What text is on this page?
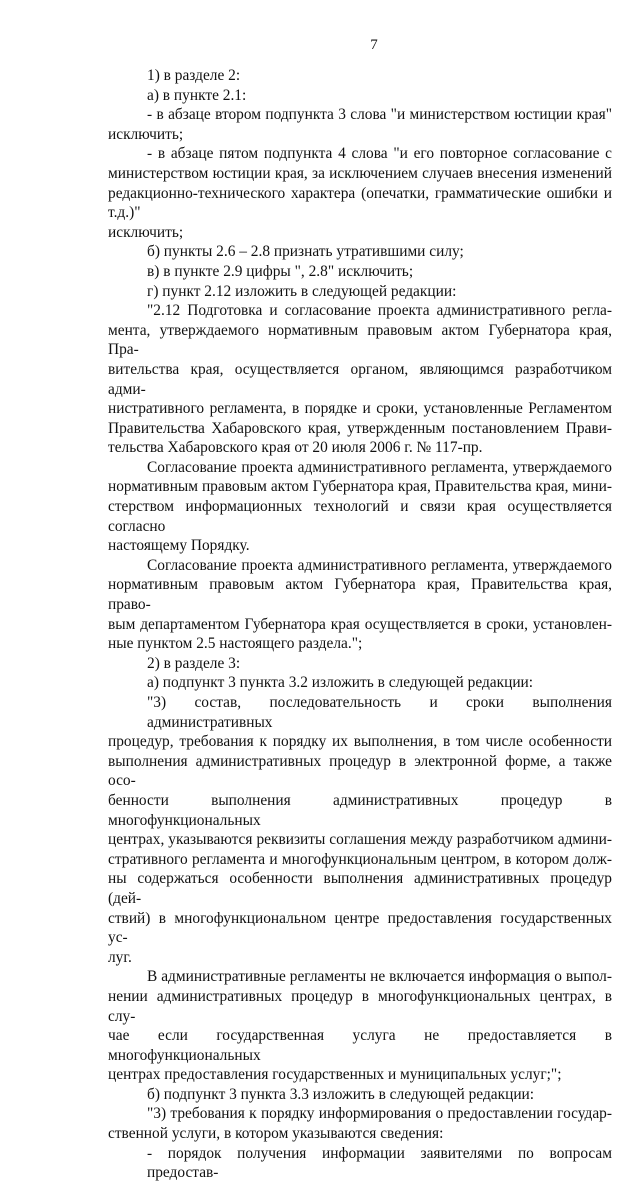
7

1) в разделе 2:

а) в пункте 2.1:

- в абзаце втором подпункта 3 слова "и министерством юстиции края"

исключить;

- в абзаце пятом подпункта 4 слова "и его повторное согласование с

министерством юстиции края, за исключением случаев внесения изменений

редакционно-технического характера (опечатки, грамматические ошибки и т.д.)"

исключить;

б) пункты 2.6 – 2.8 признать утратившими силу;

в) в пункте 2.9 цифры ", 2.8" исключить;

г) пункт 2.12 изложить в следующей редакции:

"2.12 Подготовка и согласование проекта административного регла-

мента, утверждаемого нормативным правовым актом Губернатора края, Пра-

вительства края, осуществляется органом, являющимся разработчиком адми-

нистративного регламента, в порядке и сроки, установленные Регламентом

Правительства Хабаровского края, утвержденным постановлением Прави-

тельства Хабаровского края от 20 июля 2006 г. № 117-пр.

Согласование проекта административного регламента, утверждаемого

нормативным правовым актом Губернатора края, Правительства края, мини-

стерством информационных технологий и связи края осуществляется согласно

настоящему Порядку.

Согласование проекта административного регламента, утверждаемого

нормативным правовым актом Губернатора края, Правительства края, право-

вым департаментом Губернатора края осуществляется в сроки, установлен-

ные пунктом 2.5 настоящего раздела.";

2) в разделе 3:

а) подпункт 3 пункта 3.2 изложить в следующей редакции:

"3) состав, последовательность и сроки выполнения административных

процедур, требования к порядку их выполнения, в том числе особенности

выполнения административных процедур в электронной форме, а также осо-

бенности выполнения административных процедур в многофункциональных

центрах, указываются реквизиты соглашения между разработчиком админи-

стративного регламента и многофункциональным центром, в котором долж-

ны содержаться особенности выполнения административных процедур (дей-

ствий) в многофункциональном центре предоставления государственных ус-

луг.

В административные регламенты не включается информация о выпол-

нении административных процедур в многофункциональных центрах, в слу-

чае если государственная услуга не предоставляется в многофункциональных

центрах предоставления государственных и муниципальных услуг;";

б) подпункт 3 пункта 3.3 изложить в следующей редакции:

"3) требования к порядку информирования о предоставлении государ-

ственной услуги, в котором указываются сведения:

- порядок получения информации заявителями по вопросам предостав-
